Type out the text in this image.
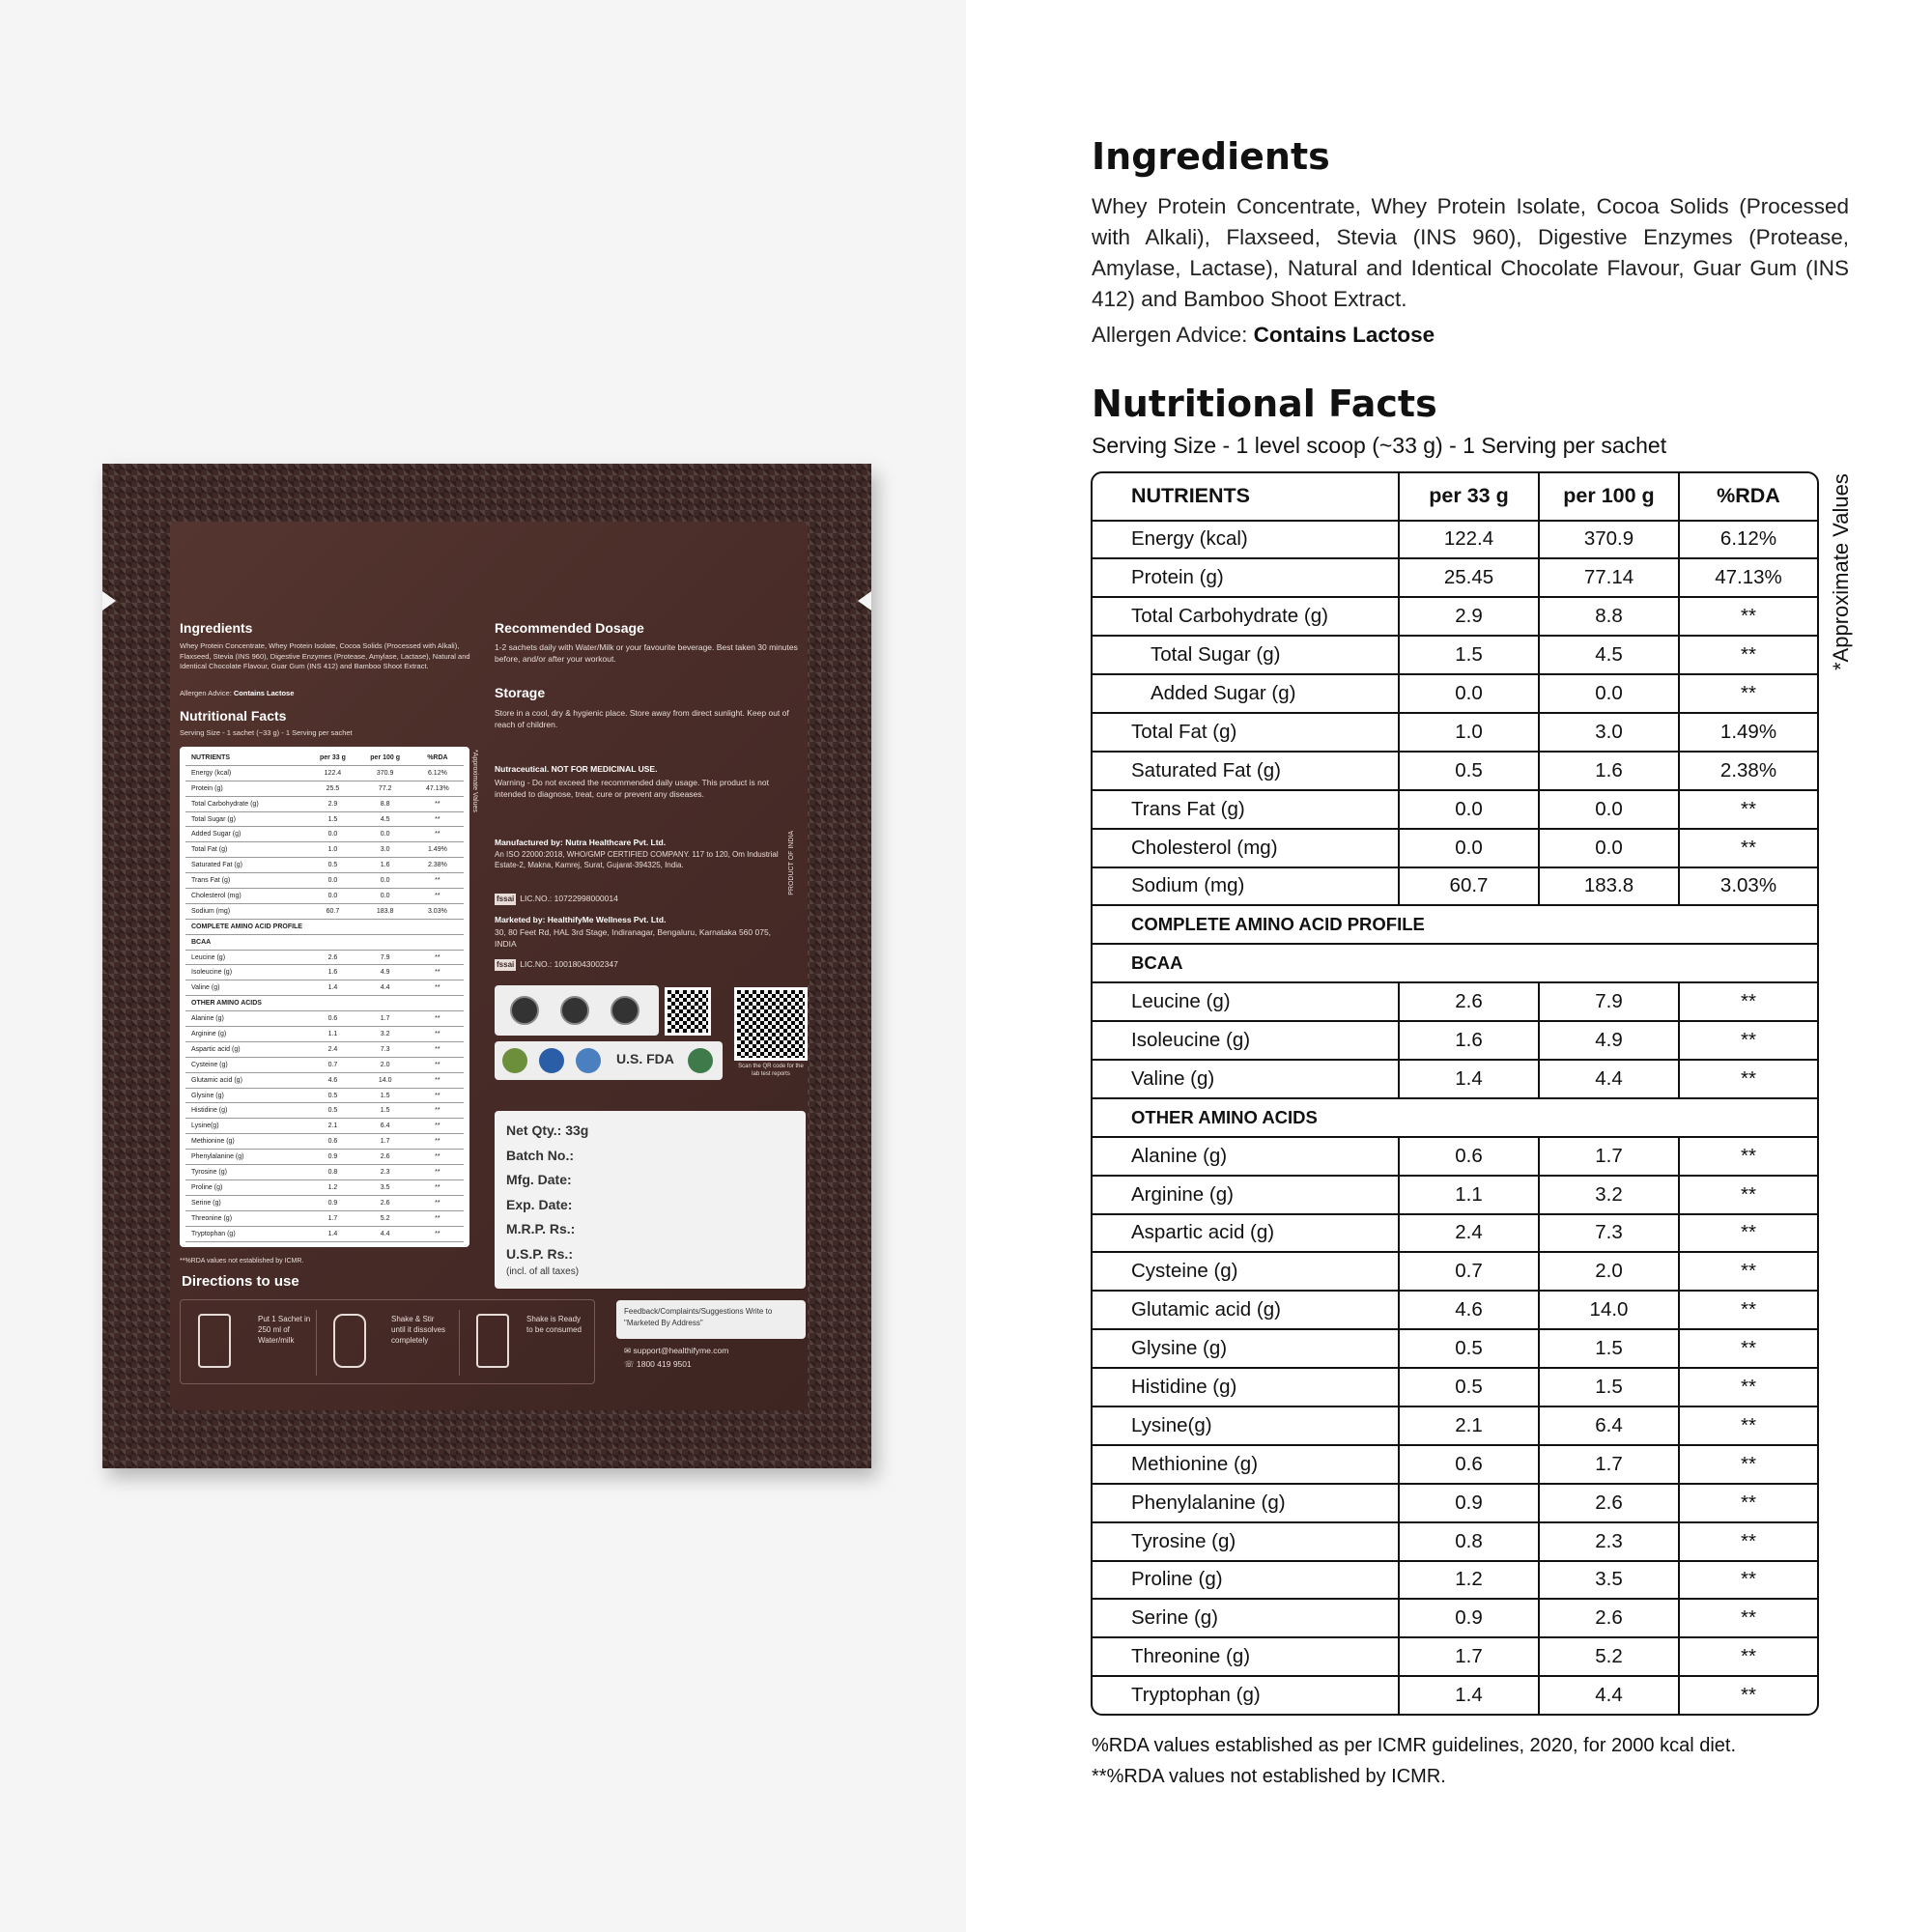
Ingredients
Whey Protein Concentrate, Whey Protein Isolate, Cocoa Solids (Processed with Alkali), Flaxseed, Stevia (INS 960), Digestive Enzymes (Protease, Amylase, Lactase), Natural and Identical Chocolate Flavour, Guar Gum (INS 412) and Bamboo Shoot Extract.
Allergen Advice: Contains Lactose
Nutritional Facts
Serving Size - 1 sachet (~33 g) - 1 Serving per sachet
NUTRIENTS	per 33 g	per 100 g	%RDA
Energy (kcal)	122.4	370.9	6.12%
Protein (g)	25.5	77.2	47.13%
Total Carbohydrate (g)	2.9	8.8	**
Total Sugar (g)	1.5	4.5	**
Added Sugar (g)	0.0	0.0	**
Total Fat (g)	1.0	3.0	1.49%
Saturated Fat (g)	0.5	1.6	2.38%
Trans Fat (g)	0.0	0.0	**
Cholesterol (mg)	0.0	0.0	**
Sodium (mg)	60.7	183.8	3.03%
COMPLETE AMINO ACID PROFILE
BCAA
Leucine (g)	2.6	7.9	**
Isoleucine (g)	1.6	4.9	**
Valine (g)	1.4	4.4	**
OTHER AMINO ACIDS
Alanine (g)	0.6	1.7	**
Arginine (g)	1.1	3.2	**
Aspartic acid (g)	2.4	7.3	**
Cysteine (g)	0.7	2.0	**
Glutamic acid (g)	4.6	14.0	**
Glysine (g)	0.5	1.5	**
Histidine (g)	0.5	1.5	**
Lysine(g)	2.1	6.4	**
Methionine (g)	0.6	1.7	**
Phenylalanine (g)	0.9	2.6	**
Tyrosine (g)	0.8	2.3	**
Proline (g)	1.2	3.5	**
Serine (g)	0.9	2.6	**
Threonine (g)	1.7	5.2	**
Tryptophan (g)	1.4	4.4	**
*Approximate Values
**%RDA values not established by ICMR.
Directions to use
Put 1 Sachet in 250 ml of Water/milk
Shake & Stir until it dissolves completely
Shake is Ready to be consumed
Recommended Dosage
1-2 sachets daily with Water/Milk or your favourite beverage. Best taken 30 minutes before, and/or after your workout.
Storage
Store in a cool, dry & hygienic place. Store away from direct sunlight. Keep out of reach of children.
Nutraceutical. NOT FOR MEDICINAL USE.
Warning - Do not exceed the recommended daily usage. This product is not intended to diagnose, treat, cure or prevent any diseases.
Manufactured by: Nutra Healthcare Pvt. Ltd.
An ISO 22000:2018, WHO/GMP CERTIFIED COMPANY. 117 to 120, Om Industrial Estate-2, Makna, Kamrej, Surat, Gujarat-394325, India.
fssai LIC.NO.: 10722998000014
Marketed by: HealthifyMe Wellness Pvt. Ltd.
30, 80 Feet Rd, HAL 3rd Stage, Indiranagar, Bengaluru, Karnataka 560 075, INDIA
fssai LIC.NO.: 10018043002347
PRODUCT OF INDIA
Scan the QR code for the lab test reports
U.S. FDA
Net Qty.: 33g
Batch No.:
Mfg. Date:
Exp. Date:
M.R.P. Rs.:
U.S.P. Rs.:
(incl. of all taxes)
Feedback/Complaints/Suggestions Write to "Marketed By Address"
✉ support@healthifyme.com
☏ 1800 419 9501
Ingredients
Whey Protein Concentrate, Whey Protein Isolate, Cocoa Solids (Processed with Alkali), Flaxseed, Stevia (INS 960), Digestive Enzymes (Protease, Amylase, Lactase), Natural and Identical Chocolate Flavour, Guar Gum (INS 412) and Bamboo Shoot Extract.
Allergen Advice: Contains Lactose
Nutritional Facts
Serving Size - 1 level scoop (~33 g) - 1 Serving per sachet
NUTRIENTS	per 33 g	per 100 g	%RDA
Energy (kcal)	122.4	370.9	6.12%
Protein (g)	25.45	77.14	47.13%
Total Carbohydrate (g)	2.9	8.8	**
Total Sugar (g)	1.5	4.5	**
Added Sugar (g)	0.0	0.0	**
Total Fat (g)	1.0	3.0	1.49%
Saturated Fat (g)	0.5	1.6	2.38%
Trans Fat (g)	0.0	0.0	**
Cholesterol (mg)	0.0	0.0	**
Sodium (mg)	60.7	183.8	3.03%
COMPLETE AMINO ACID PROFILE
BCAA
Leucine (g)	2.6	7.9	**
Isoleucine (g)	1.6	4.9	**
Valine (g)	1.4	4.4	**
OTHER AMINO ACIDS
Alanine (g)	0.6	1.7	**
Arginine (g)	1.1	3.2	**
Aspartic acid (g)	2.4	7.3	**
Cysteine (g)	0.7	2.0	**
Glutamic acid (g)	4.6	14.0	**
Glysine (g)	0.5	1.5	**
Histidine (g)	0.5	1.5	**
Lysine(g)	2.1	6.4	**
Methionine (g)	0.6	1.7	**
Phenylalanine (g)	0.9	2.6	**
Tyrosine (g)	0.8	2.3	**
Proline (g)	1.2	3.5	**
Serine (g)	0.9	2.6	**
Threonine (g)	1.7	5.2	**
Tryptophan (g)	1.4	4.4	**
*Approximate Values
%RDA values established as per ICMR guidelines, 2020, for 2000 kcal diet.
**%RDA values not established by ICMR.
